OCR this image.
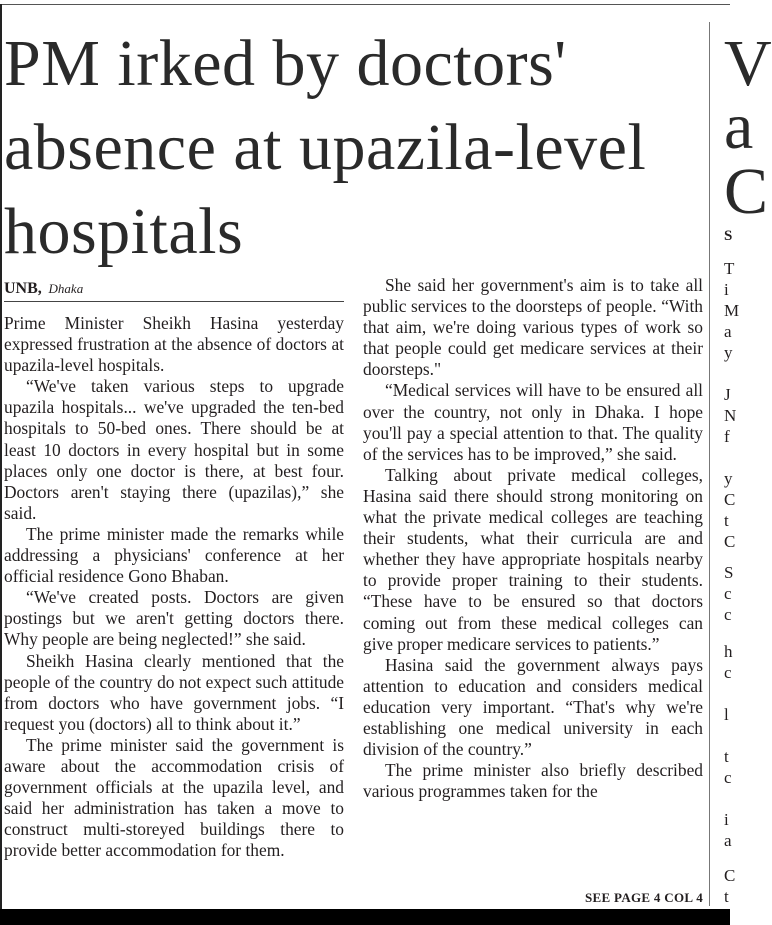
PM irked by doctors' absence at upazila-level hospitals
UNB, Dhaka

Prime Minister Sheikh Hasina yesterday expressed frustration at the absence of doctors at upazila-level hospitals.

“We've taken various steps to upgrade upazila hospitals... we've upgraded the ten-bed hospitals to 50-bed ones. There should be at least 10 doctors in every hospital but in some places only one doctor is there, at best four. Doctors aren't staying there (upazilas),” she said.

The prime minister made the remarks while addressing a physicians' conference at her official residence Gono Bhaban.

“We've created posts. Doctors are given postings but we aren't getting doctors there. Why people are being neglected!” she said.

Sheikh Hasina clearly mentioned that the people of the country do not expect such attitude from doctors who have government jobs. “I request you (doctors) all to think about it.”

The prime minister said the government is aware about the accommodation crisis of government officials at the upazila level, and said her administration has taken a move to construct multi-storeyed buildings there to provide better accommodation for them.

She said her government's aim is to take all public services to the doorsteps of people. “With that aim, we're doing various types of work so that people could get medicare services at their doorsteps."

“Medical services will have to be ensured all over the country, not only in Dhaka. I hope you'll pay a special attention to that. The quality of the services has to be improved,” she said.

Talking about private medical colleges, Hasina said there should strong monitoring on what the private medical colleges are teaching their students, what their curricula are and whether they have appropriate hospitals nearby to provide proper training to their students. “These have to be ensured so that doctors coming out from these medical colleges can give proper medicare services to patients.”

Hasina said the government always pays attention to education and considers medical education very important. “That's why we're establishing one medical university in each division of the country.”

The prime minister also briefly described various programmes taken for the

SEE PAGE 4 COL 4
V
a
C
S
T
i
M
a
y
J
N
f
y
C
t
C
S
c
c
h
c
l
t
c
i
a
C
t
